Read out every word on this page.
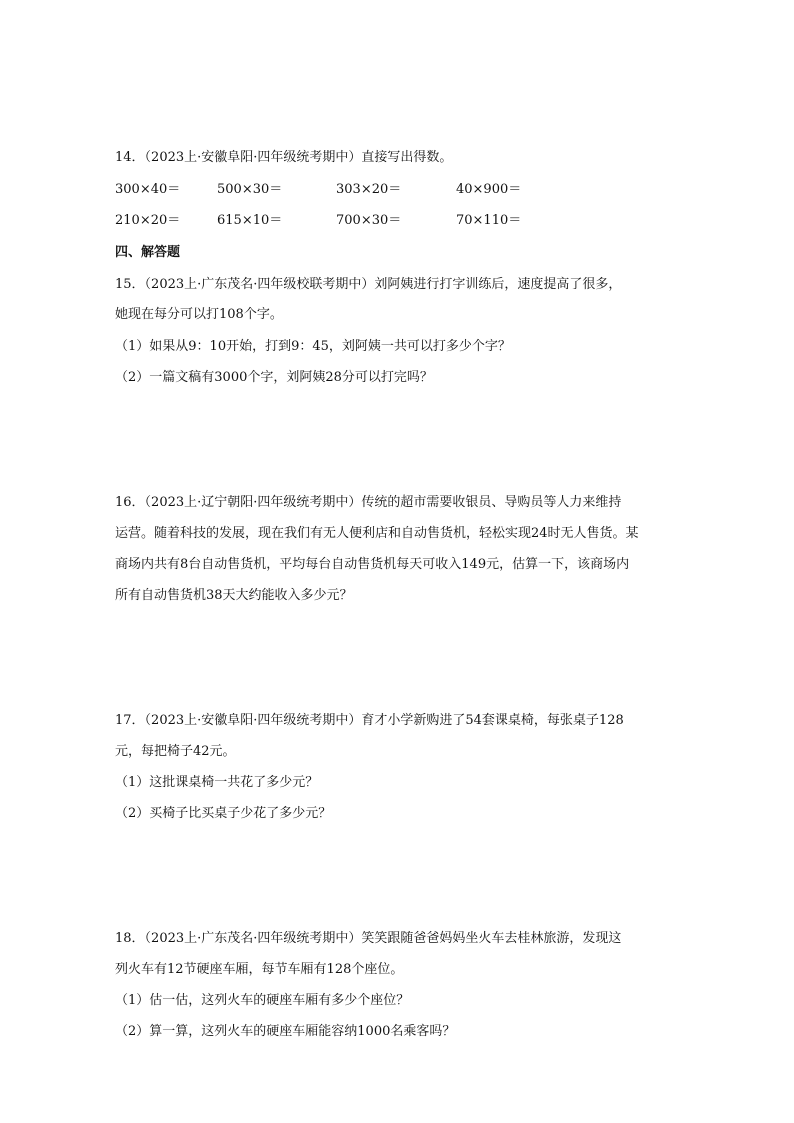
14．（2023上·安徽阜阳·四年级统考期中）直接写出得数。
300×40＝	500×30＝	303×20＝	40×900＝
210×20＝	615×10＝	700×30＝	70×110＝
四、解答题
15．（2023上·广东茂名·四年级校联考期中）刘阿姨进行打字训练后，速度提高了很多，
她现在每分可以打108个字。
（1）如果从9：10开始，打到9：45，刘阿姨一共可以打多少个字？
（2）一篇文稿有3000个字，刘阿姨28分可以打完吗？
16．（2023上·辽宁朝阳·四年级统考期中）传统的超市需要收银员、导购员等人力来维持
运营。随着科技的发展，现在我们有无人便利店和自动售货机，轻松实现24时无人售货。某
商场内共有8台自动售货机，平均每台自动售货机每天可收入149元，估算一下，该商场内
所有自动售货机38天大约能收入多少元？
17．（2023上·安徽阜阳·四年级统考期中）育才小学新购进了54套课桌椅，每张桌子128
元，每把椅子42元。
（1）这批课桌椅一共花了多少元？
（2）买椅子比买桌子少花了多少元？
18．（2023上·广东茂名·四年级统考期中）笑笑跟随爸爸妈妈坐火车去桂林旅游，发现这
列火车有12节硬座车厢，每节车厢有128个座位。
（1）估一估，这列火车的硬座车厢有多少个座位？
（2）算一算，这列火车的硬座车厢能容纳1000名乘客吗？
